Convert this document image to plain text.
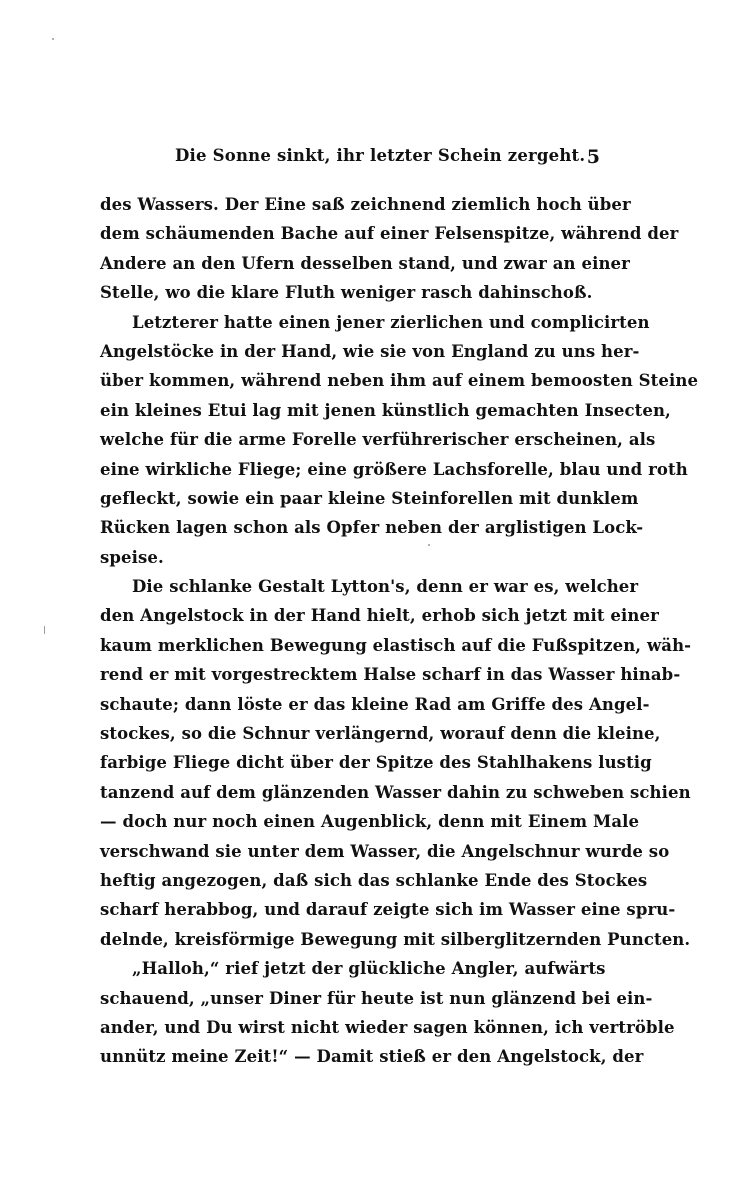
Die Sonne sinkt, ihr letzter Schein zergeht. 5
des Wassers. Der Eine saß zeichnend ziemlich hoch über
dem schäumenden Bache auf einer Felsenspitze, während der
Andere an den Ufern desselben stand, und zwar an einer
Stelle, wo die klare Fluth weniger rasch dahinschoß.
Letzterer hatte einen jener zierlichen und complicirten
Angelstöcke in der Hand, wie sie von England zu uns her-
über kommen, während neben ihm auf einem bemoosten Steine
ein kleines Etui lag mit jenen künstlich gemachten Insecten,
welche für die arme Forelle verführerischer erscheinen, als
eine wirkliche Fliege; eine größere Lachsforelle, blau und roth
gefleckt, sowie ein paar kleine Steinforellen mit dunklem
Rücken lagen schon als Opfer neben der arglistigen Lock-
speise.
Die schlanke Gestalt Lytton's, denn er war es, welcher
den Angelstock in der Hand hielt, erhob sich jetzt mit einer
kaum merklichen Bewegung elastisch auf die Fußspitzen, wäh-
rend er mit vorgestrecktem Halse scharf in das Wasser hinab-
schaute; dann löste er das kleine Rad am Griffe des Angel-
stockes, so die Schnur verlängernd, worauf denn die kleine,
farbige Fliege dicht über der Spitze des Stahlhakens lustig
tanzend auf dem glänzenden Wasser dahin zu schweben schien
— doch nur noch einen Augenblick, denn mit Einem Male
verschwand sie unter dem Wasser, die Angelschnur wurde so
heftig angezogen, daß sich das schlanke Ende des Stockes
scharf herabbog, und darauf zeigte sich im Wasser eine spru-
delnde, kreisförmige Bewegung mit silberglitzernden Puncten.
„Halloh,“ rief jetzt der glückliche Angler, aufwärts
schauend, „unser Diner für heute ist nun glänzend bei ein-
ander, und Du wirst nicht wieder sagen können, ich vertröble
unnütz meine Zeit!“ — Damit stieß er den Angelstock, der
